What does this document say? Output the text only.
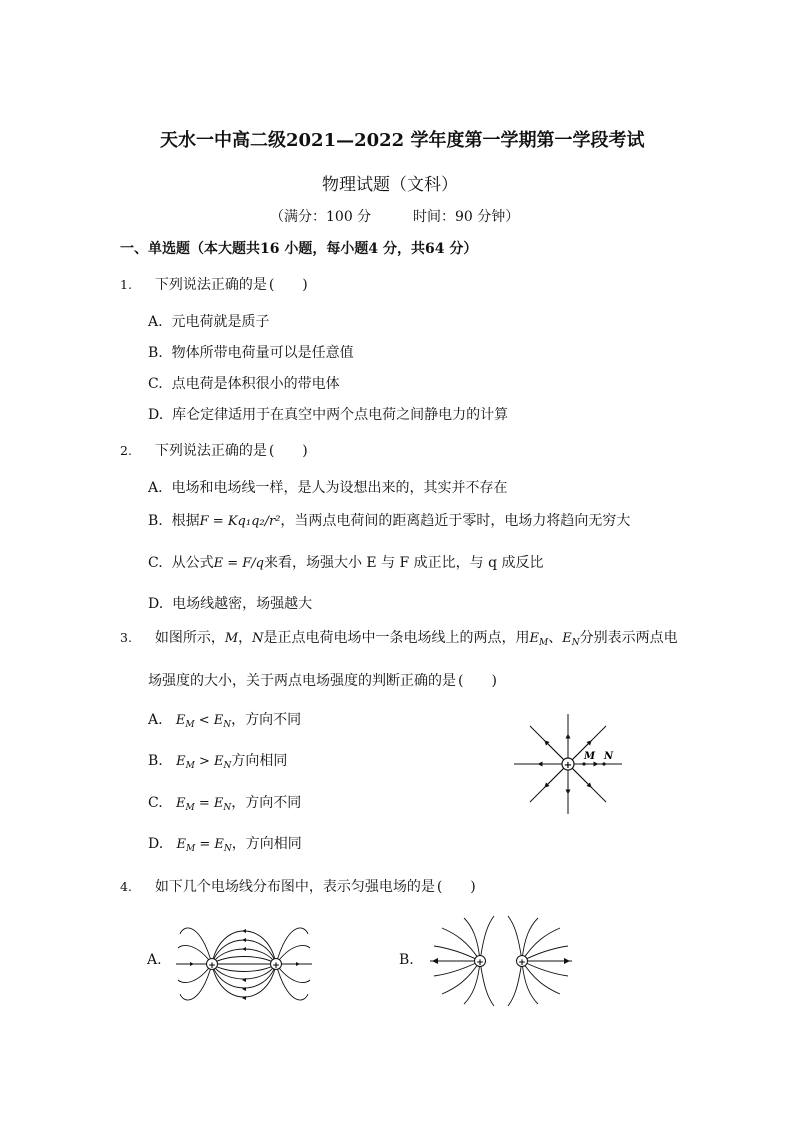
天水一中高二级2021—2022 学年度第一学期第一学段考试
物理试题（文科）
（满分：100 分	时间：90 分钟）
一、单选题（本大题共16 小题，每小题4 分，共64 分）
1. 下列说法正确的是 (　　)
A. 元电荷就是质子
B. 物体所带电荷量可以是任意值
C. 点电荷是体积很小的带电体
D. 库仑定律适用于在真空中两个点电荷之间静电力的计算
2. 下列说法正确的是 (　　)
A. 电场和电场线一样，是人为设想出来的，其实并不存在
B. 根据F = Kq₁q₂/r²，当两点电荷间的距离趋近于零时，电场力将趋向无穷大
C. 从公式E = F/q来看，场强大小 E 与 F 成正比，与 q 成反比
D. 电场线越密，场强越大
3. 如图所示，M，N是正点电荷电场中一条电场线上的两点，用$E_M$、$E_N$分别表示两点电
场强度的大小，关于两点电场强度的判断正确的是 (　　)
A. $E_M < E_N$，方向不同
B. $E_M > E_N$方向相同
C. $E_M = E_N$，方向不同
D. $E_M = E_N$，方向相同
+
M N
4. 如下几个电场线分布图中，表示匀强电场的是 (　　)
A.	+	+	B.	+	+
